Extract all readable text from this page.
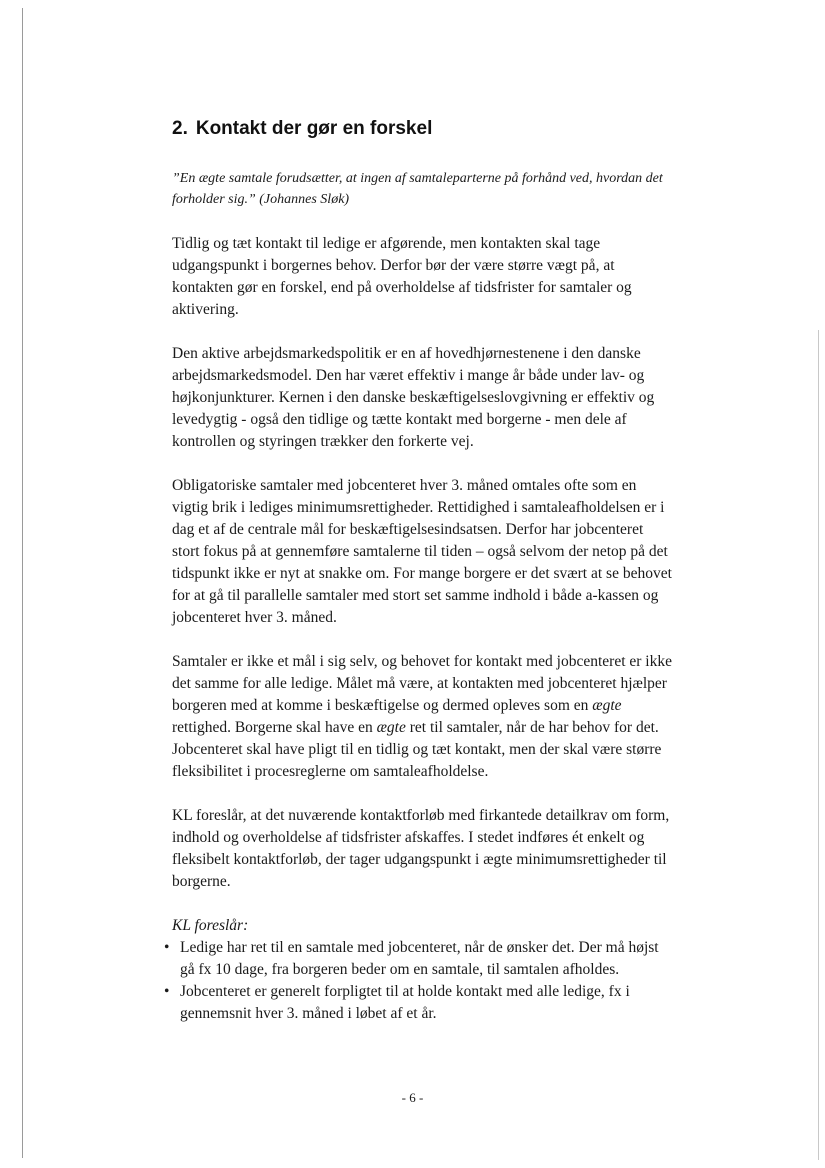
2. Kontakt der gør en forskel

”En ægte samtale forudsætter, at ingen af samtaleparterne på forhånd ved, hvordan det forholder sig.” (Johannes Sløk)

Tidlig og tæt kontakt til ledige er afgørende, men kontakten skal tage udgangspunkt i borgernes behov. Derfor bør der være større vægt på, at kontakten gør en forskel, end på overholdelse af tidsfrister for samtaler og aktivering.

Den aktive arbejdsmarkedspolitik er en af hovedhjørnestenene i den danske arbejdsmarkedsmodel. Den har været effektiv i mange år både under lav- og højkonjunkturer. Kernen i den danske beskæftigelseslovgivning er effektiv og levedygtig - også den tidlige og tætte kontakt med borgerne - men dele af kontrollen og styringen trækker den forkerte vej.

Obligatoriske samtaler med jobcenteret hver 3. måned omtales ofte som en vigtig brik i lediges minimumsrettigheder. Rettidighed i samtaleafholdelsen er i dag et af de centrale mål for beskæftigelsesindsatsen. Derfor har jobcenteret stort fokus på at gennemføre samtalerne til tiden – også selvom der netop på det tidspunkt ikke er nyt at snakke om. For mange borgere er det svært at se behovet for at gå til parallelle samtaler med stort set samme indhold i både a-kassen og jobcenteret hver 3. måned.

Samtaler er ikke et mål i sig selv, og behovet for kontakt med jobcenteret er ikke det samme for alle ledige. Målet må være, at kontakten med jobcenteret hjælper borgeren med at komme i beskæftigelse og dermed opleves som en ægte rettighed. Borgerne skal have en ægte ret til samtaler, når de har behov for det. Jobcenteret skal have pligt til en tidlig og tæt kontakt, men der skal være større fleksibilitet i procesreglerne om samtaleafholdelse.

KL foreslår, at det nuværende kontaktforløb med firkantede detailkrav om form, indhold og overholdelse af tidsfrister afskaffes. I stedet indføres ét enkelt og fleksibelt kontaktforløb, der tager udgangspunkt i ægte minimumsrettigheder til borgerne.

KL foreslår:

• Ledige har ret til en samtale med jobcenteret, når de ønsker det. Der må højst gå fx 10 dage, fra borgeren beder om en samtale, til samtalen afholdes.
• Jobcenteret er generelt forpligtet til at holde kontakt med alle ledige, fx i gennemsnit hver 3. måned i løbet af et år.
- 6 -
